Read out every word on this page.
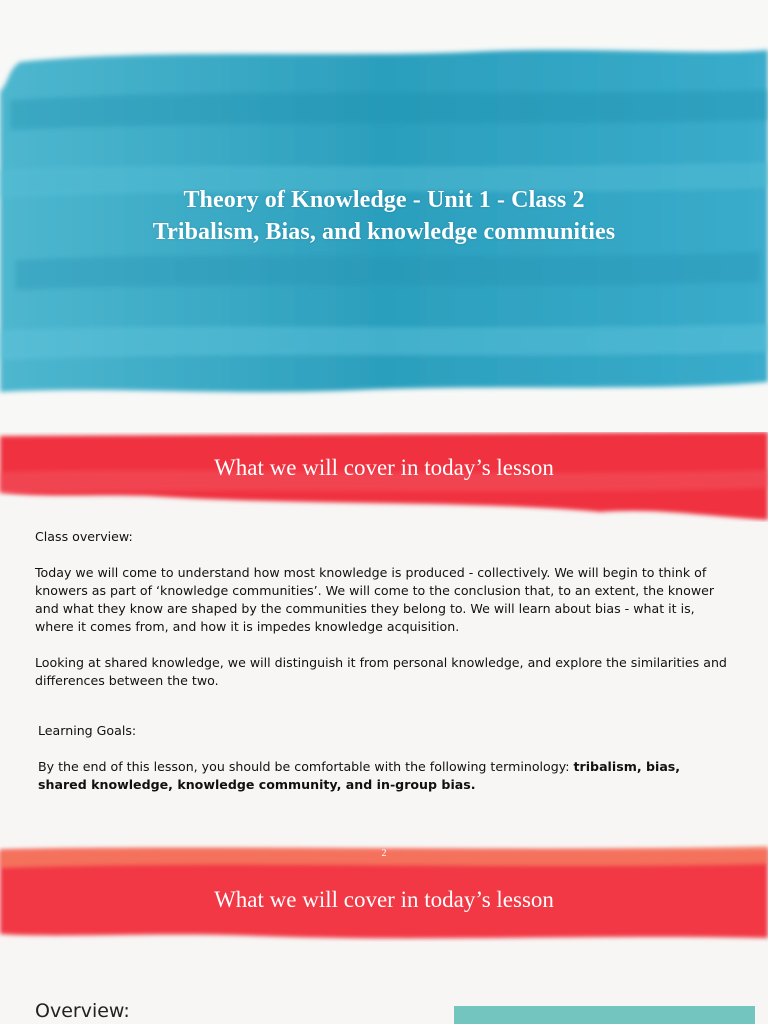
Theory of Knowledge - Unit 1 - Class 2
Tribalism, Bias, and knowledge communities
What we will cover in today’s lesson

Class overview:

Today we will come to understand how most knowledge is produced - collectively. We will begin to think of knowers as part of ‘knowledge communities’. We will come to the conclusion that, to an extent, the knower and what they know are shaped by the communities they belong to. We will learn about bias - what it is, where it comes from, and how it is impedes knowledge acquisition.

Looking at shared knowledge, we will distinguish it from personal knowledge, and explore the similarities and differences between the two.

Learning Goals:

By the end of this lesson, you should be comfortable with the following terminology: tribalism, bias, shared knowledge, knowledge community, and in-group bias.

2
What we will cover in today’s lesson
Overview:
